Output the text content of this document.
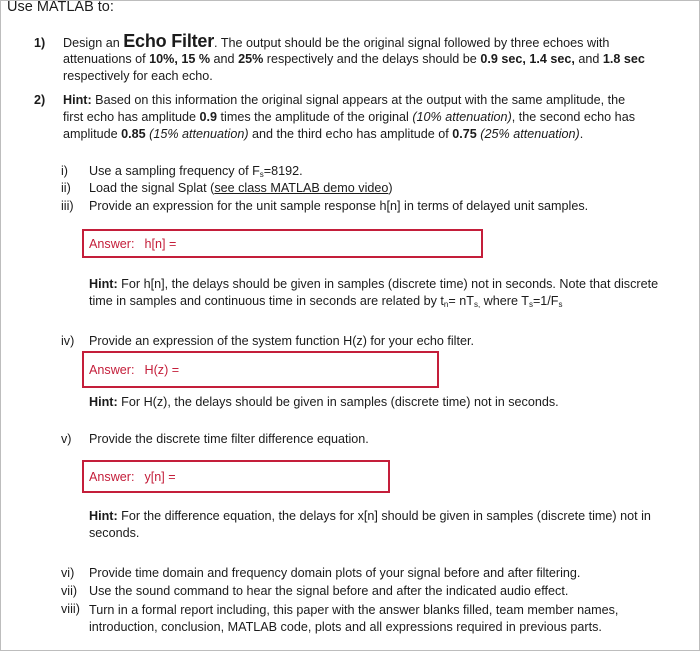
Use MATLAB to:
1) Design an Echo Filter. The output should be the original signal followed by three echoes with
attenuations of 10%, 15 % and 25% respectively and the delays should be 0.9 sec, 1.4 sec, and 1.8 sec
respectively for each echo.
2) Hint: Based on this information the original signal appears at the output with the same amplitude, the
first echo has amplitude 0.9 times the amplitude of the original (10% attenuation), the second echo has
amplitude 0.85 (15% attenuation) and the third echo has amplitude of 0.75 (25% attenuation).
i) Use a sampling frequency of $F_s=8192$.
ii) Load the signal Splat (see class MATLAB demo video)
iii) Provide an expression for the unit sample response h[n] in terms of delayed unit samples.
Answer: h[n] =
Hint: For h[n], the delays should be given in samples (discrete time) not in seconds. Note that discrete
time in samples and continuous time in seconds are related by $t_n= nT_{s,}$ where $T_s=1/F_s$
iv) Provide an expression of the system function H(z) for your echo filter.
Answer: H(z) =
Hint: For H(z), the delays should be given in samples (discrete time) not in seconds.
v) Provide the discrete time filter difference equation.
Answer: y[n] =
Hint: For the difference equation, the delays for x[n] should be given in samples (discrete time) not in
seconds.
vi) Provide time domain and frequency domain plots of your signal before and after filtering.
vii) Use the sound command to hear the signal before and after the indicated audio effect.
viii) Turn in a formal report including, this paper with the answer blanks filled, team member names,
introduction, conclusion, MATLAB code, plots and all expressions required in previous parts.
